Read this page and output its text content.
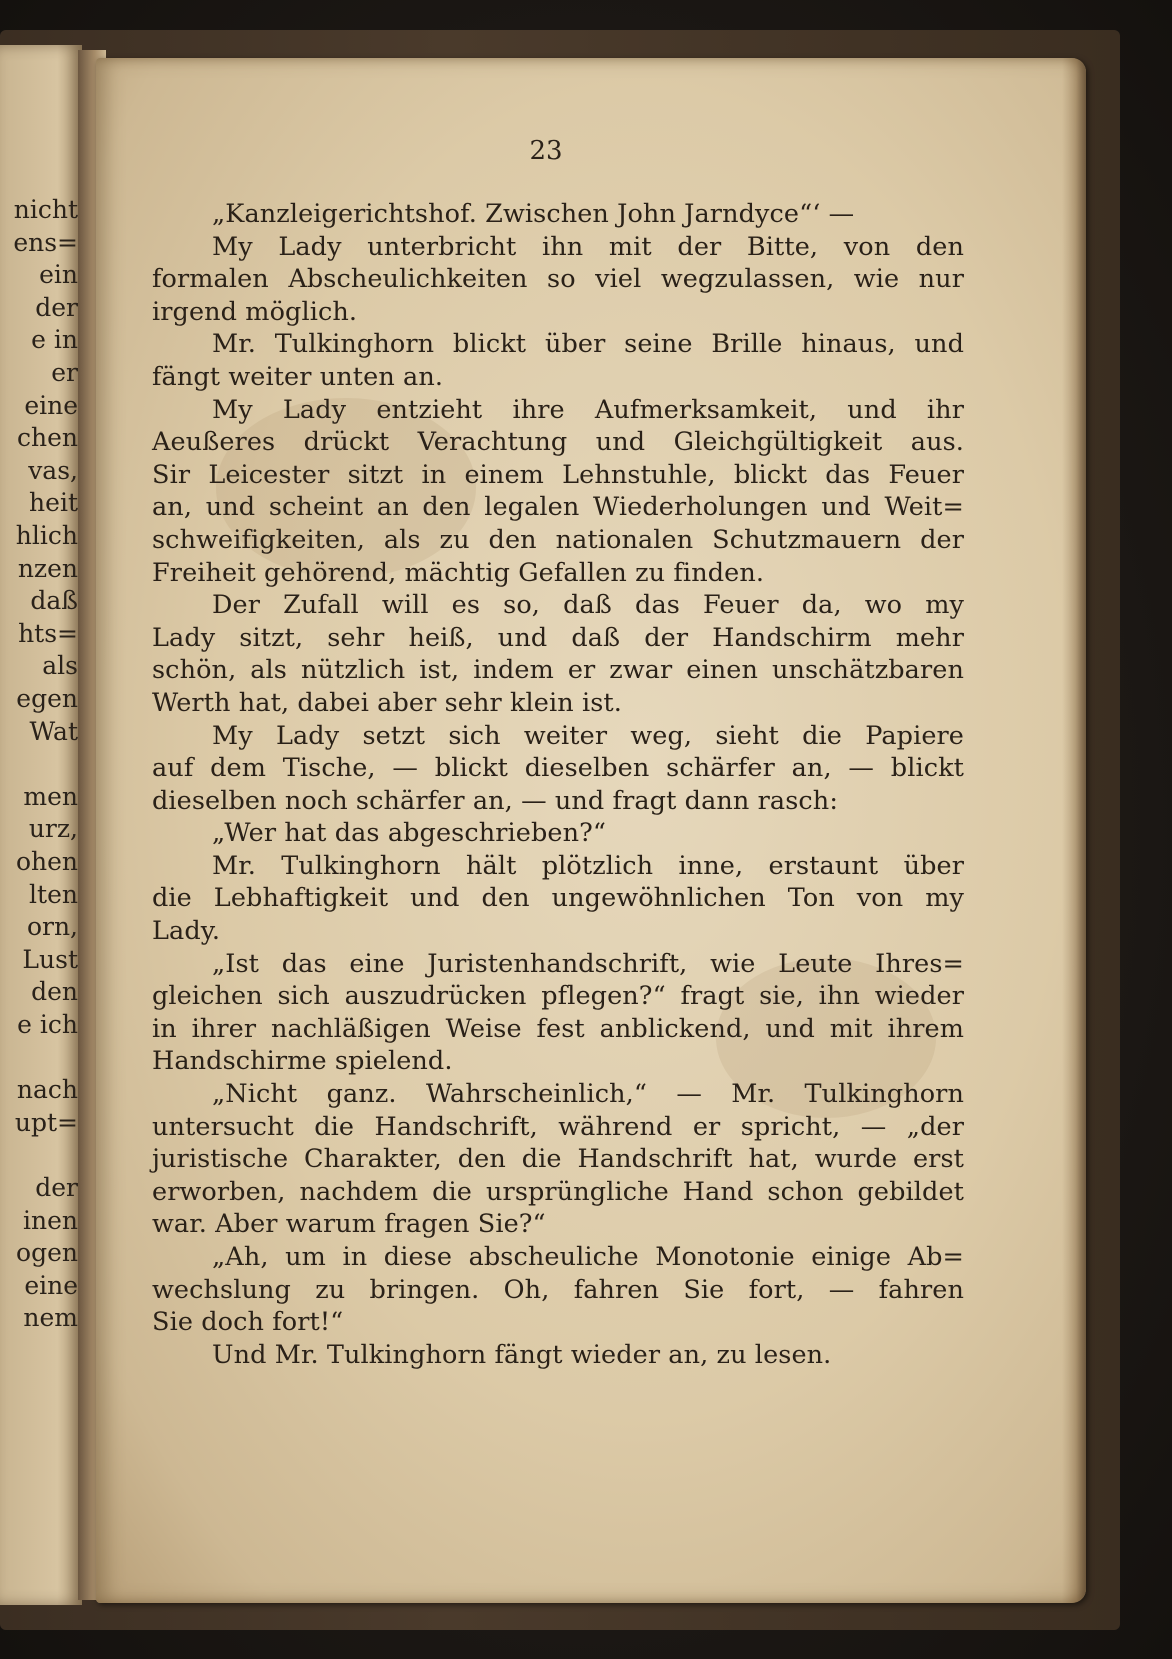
nicht
ens=
ein
der
e in
er
eine
chen
vas,
heit
hlich
nzen
daß
hts=
als
egen
Wat
men
urz,
ohen
lten
orn,
Lust
den
e ich
nach
upt=
der
inen
ogen
eine
nem
23
„Kanzleigerichtshof. Zwischen John Jarndyce“‘ —
My Lady unterbricht ihn mit der Bitte, von den
formalen Abscheulichkeiten so viel wegzulassen, wie nur
irgend möglich.
Mr. Tulkinghorn blickt über seine Brille hinaus, und
fängt weiter unten an.
My Lady entzieht ihre Aufmerksamkeit, und ihr
Aeußeres drückt Verachtung und Gleichgültigkeit aus.
Sir Leicester sitzt in einem Lehnstuhle, blickt das Feuer
an, und scheint an den legalen Wiederholungen und Weit=
schweifigkeiten, als zu den nationalen Schutzmauern der
Freiheit gehörend, mächtig Gefallen zu finden.
Der Zufall will es so, daß das Feuer da, wo my
Lady sitzt, sehr heiß, und daß der Handschirm mehr
schön, als nützlich ist, indem er zwar einen unschätzbaren
Werth hat, dabei aber sehr klein ist.
My Lady setzt sich weiter weg, sieht die Papiere
auf dem Tische, — blickt dieselben schärfer an, — blickt
dieselben noch schärfer an, — und fragt dann rasch:
„Wer hat das abgeschrieben?“
Mr. Tulkinghorn hält plötzlich inne, erstaunt über
die Lebhaftigkeit und den ungewöhnlichen Ton von my
Lady.
„Ist das eine Juristenhandschrift, wie Leute Ihres=
gleichen sich auszudrücken pflegen?“ fragt sie, ihn wieder
in ihrer nachläßigen Weise fest anblickend, und mit ihrem
Handschirme spielend.
„Nicht ganz. Wahrscheinlich,“ — Mr. Tulkinghorn
untersucht die Handschrift, während er spricht, — „der
juristische Charakter, den die Handschrift hat, wurde erst
erworben, nachdem die ursprüngliche Hand schon gebildet
war. Aber warum fragen Sie?“
„Ah, um in diese abscheuliche Monotonie einige Ab=
wechslung zu bringen. Oh, fahren Sie fort, — fahren
Sie doch fort!“
Und Mr. Tulkinghorn fängt wieder an, zu lesen.
